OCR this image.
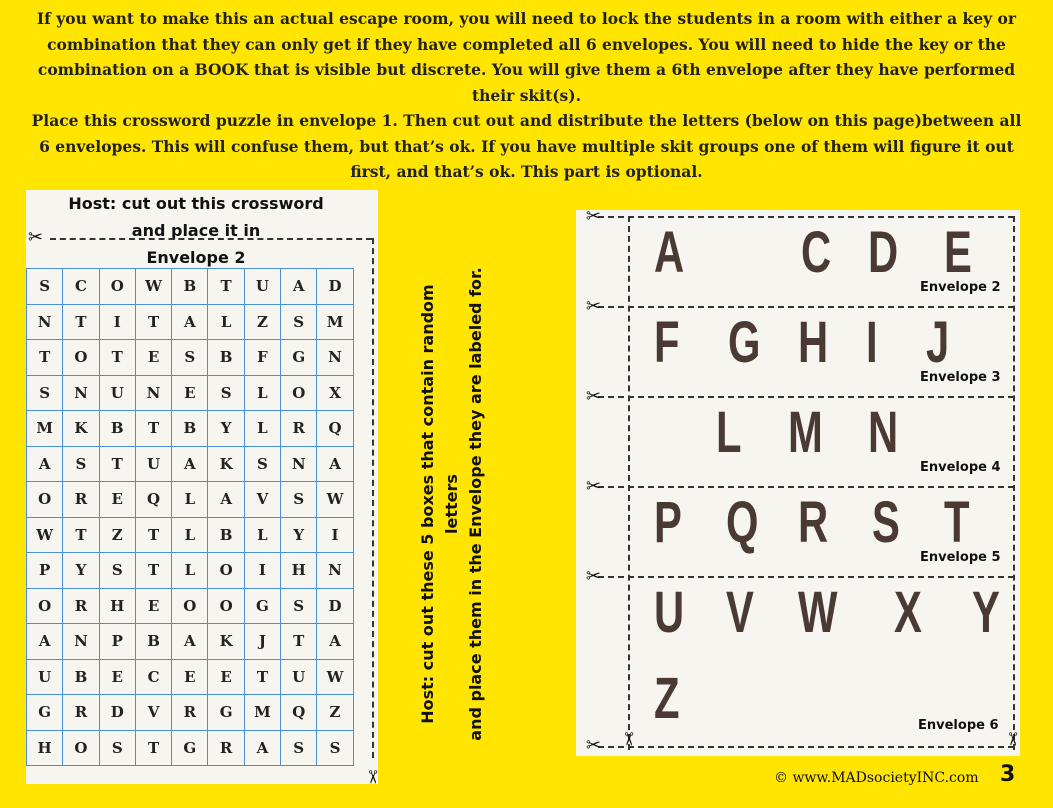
If you want to make this an actual escape room, you will need to lock the students in a room with either a key or combination that they can only get if they have completed all 6 envelopes. You will need to hide the key or the combination on a BOOK that is visible but discrete. You will give them a 6th envelope after they have performed their skit(s).

Place this crossword puzzle in envelope 1. Then cut out and distribute the letters (below on this page)between all 6 envelopes. This will confuse them, but that’s ok. If you have multiple skit groups one of them will figure it out first, and that’s ok. This part is optional.

Host: cut out this crossword
and place it in
Envelope 2
✂
✂
S	C	O	W	B	T	U	A	D
N	T	I	T	A	L	Z	S	M
T	O	T	E	S	B	F	G	N
S	N	U	N	E	S	L	O	X
M	K	B	T	B	Y	L	R	Q
A	S	T	U	A	K	S	N	A
O	R	E	Q	L	A	V	S	W
W	T	Z	T	L	B	L	Y	I
P	Y	S	T	L	O	I	H	N
O	R	H	E	O	O	G	S	D
A	N	P	B	A	K	J	T	A
U	B	E	C	E	E	T	U	W
G	R	D	V	R	G	M	Q	Z
H	O	S	T	G	R	A	S	S
Host: cut out these 5 boxes that contain random letters and place them in the Envelope they are labeled for.
✂
✂
✂
✂
✂
✂ ✂	✂
A C D E
Envelope 2
F G H I J
Envelope 3
L M N
Envelope 4
P Q R S T
Envelope 5
U V W X Y
Z	Envelope 6
© www.MADsocietyINC.com 3
